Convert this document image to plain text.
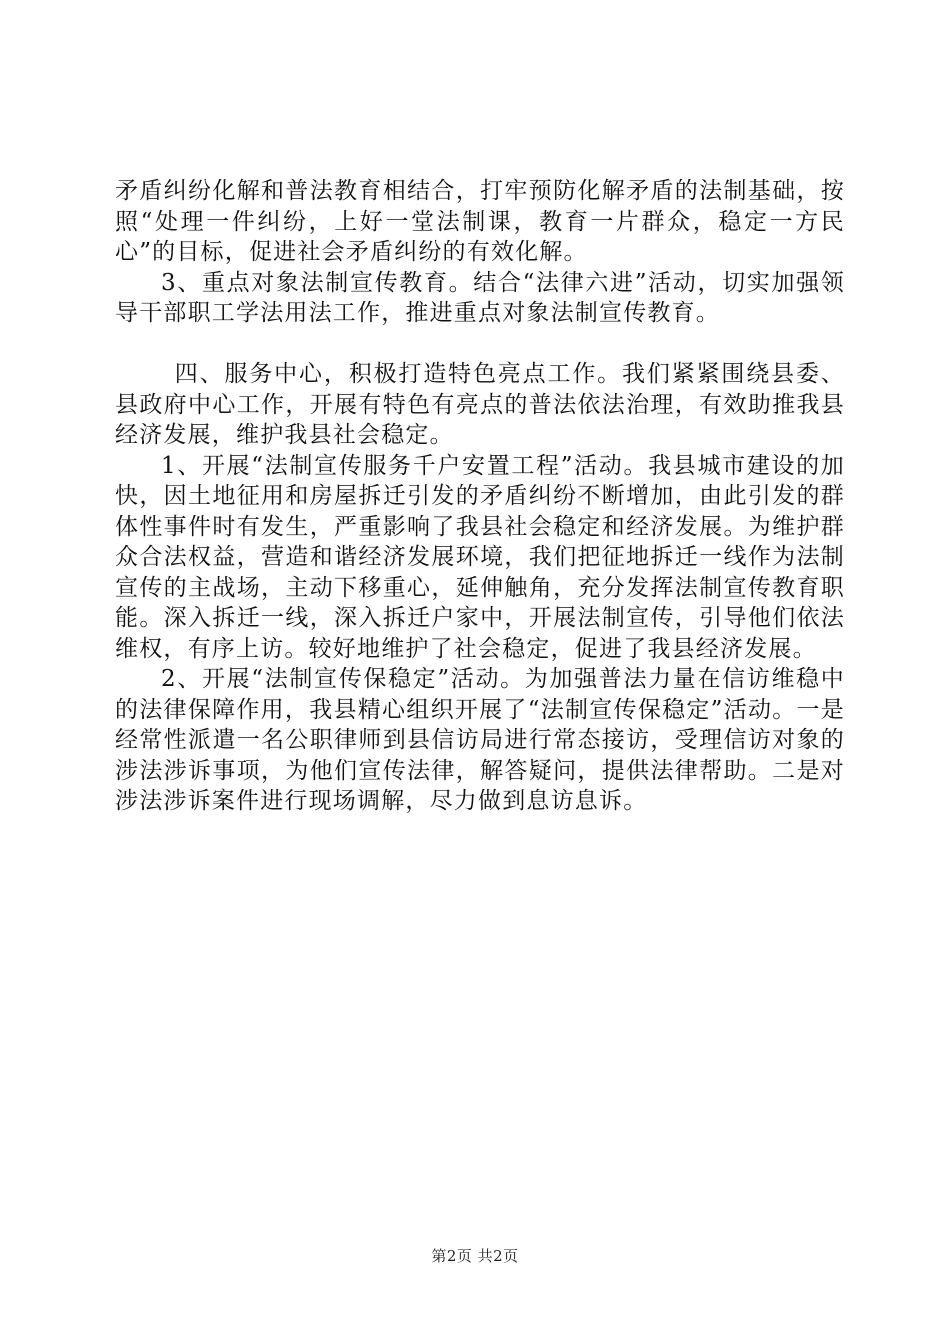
矛盾纠纷化解和普法教育相结合，打牢预防化解矛盾的法制基础，按照“处理一件纠纷，上好一堂法制课，教育一片群众，稳定一方民心”的目标，促进社会矛盾纠纷的有效化解。

3、重点对象法制宣传教育。结合“法律六进”活动，切实加强领导干部职工学法用法工作，推进重点对象法制宣传教育。

四、服务中心，积极打造特色亮点工作。我们紧紧围绕县委、县政府中心工作，开展有特色有亮点的普法依法治理，有效助推我县经济发展，维护我县社会稳定。

1、开展“法制宣传服务千户安置工程”活动。我县城市建设的加快，因土地征用和房屋拆迁引发的矛盾纠纷不断增加，由此引发的群体性事件时有发生，严重影响了我县社会稳定和经济发展。为维护群众合法权益，营造和谐经济发展环境，我们把征地拆迁一线作为法制宣传的主战场，主动下移重心，延伸触角，充分发挥法制宣传教育职能。深入拆迁一线，深入拆迁户家中，开展法制宣传，引导他们依法维权，有序上访。较好地维护了社会稳定，促进了我县经济发展。

2、开展“法制宣传保稳定”活动。为加强普法力量在信访维稳中的法律保障作用，我县精心组织开展了“法制宣传保稳定”活动。一是经常性派遣一名公职律师到县信访局进行常态接访，受理信访对象的涉法涉诉事项，为他们宣传法律，解答疑问，提供法律帮助。二是对涉法涉诉案件进行现场调解，尽力做到息访息诉。

第2页 共2页
